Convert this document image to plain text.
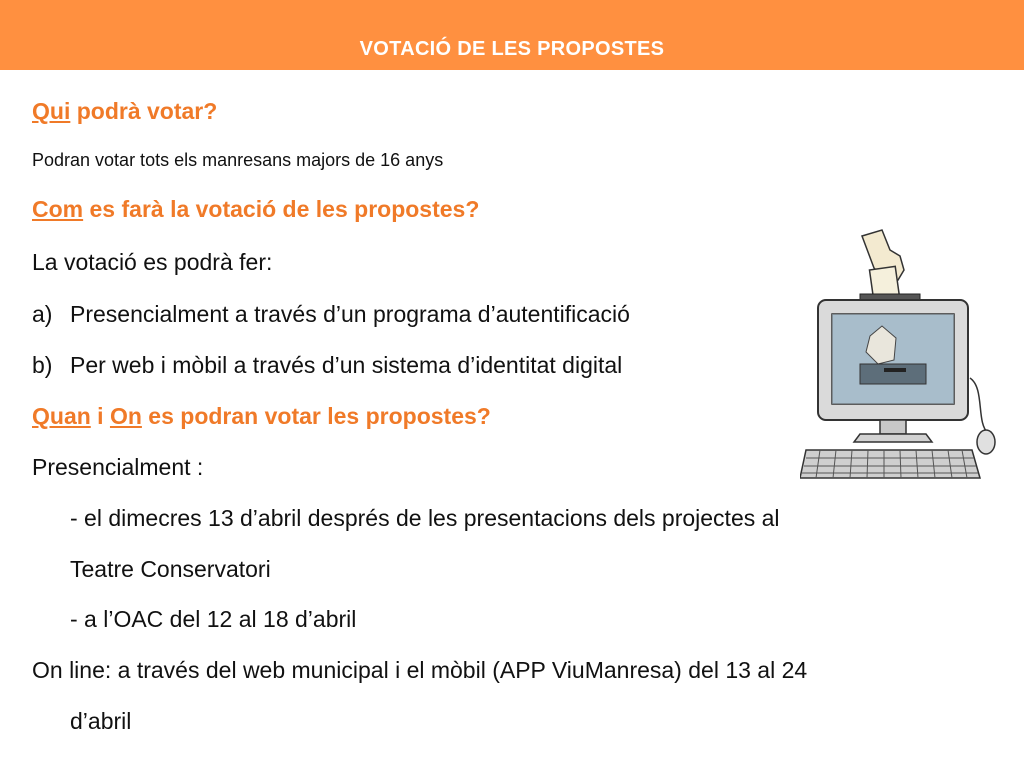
VOTACIÓ DE LES PROPOSTES
Qui podrà votar?
Podran votar tots els manresans majors de 16 anys
Com es farà la votació de les propostes?
La votació es podrà fer:
a) Presencialment a través d’un programa d’autentificació
b) Per web i mòbil a través d’un sistema d’identitat digital
Quan i On es podran votar les propostes?
Presencialment :
- el dimecres 13 d’abril després de les presentacions dels projectes al
Teatre Conservatori
- a l’OAC del 12 al 18 d’abril
On line: a través del web municipal i el mòbil (APP ViuManresa) del 13 al 24
d’abril
